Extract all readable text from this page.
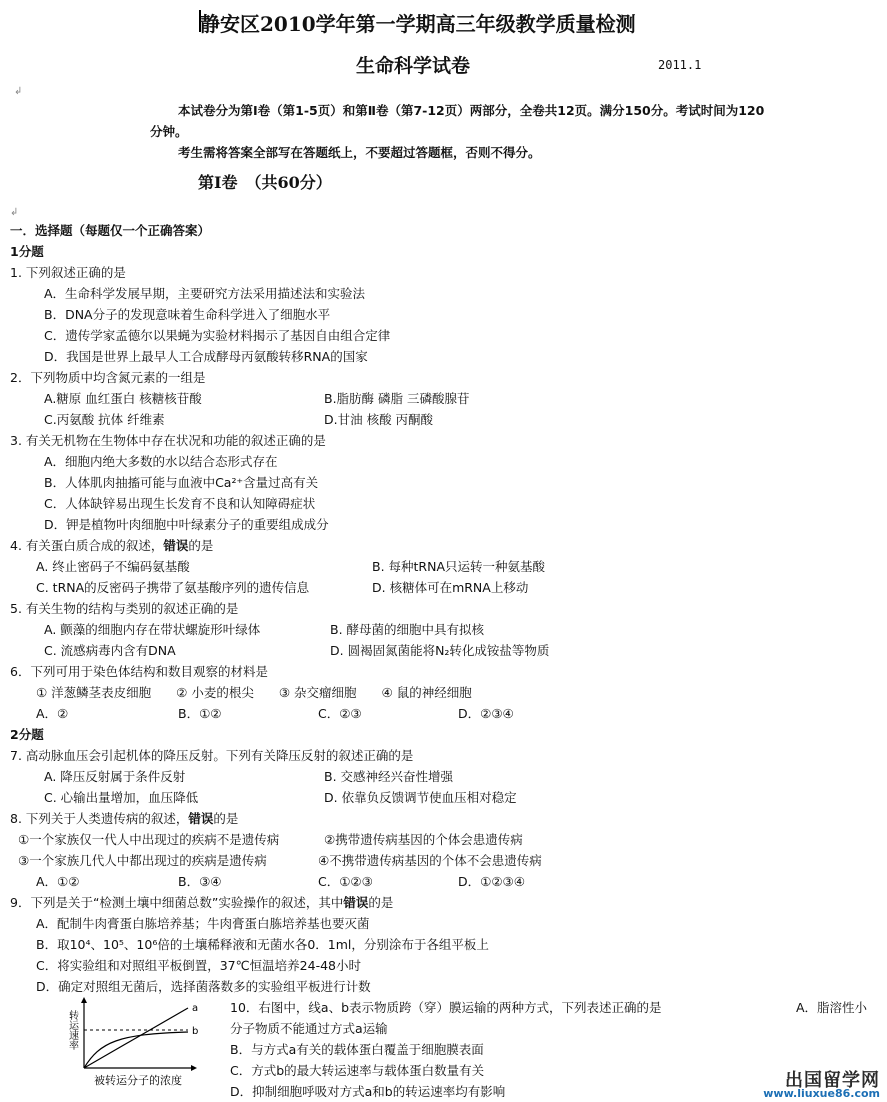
静安区2010学年第一学期高三年级教学质量检测
生命科学试卷	2011.1
↲
本试卷分为第Ⅰ卷（第1-5页）和第Ⅱ卷（第7-12页）两部分，全卷共12页。满分150分。考试时间为120
分钟。
考生需将答案全部写在答题纸上，不要超过答题框，否则不得分。
第Ⅰ卷　（共60分）
↲
一．选择题（每题仅一个正确答案）
1分题
1. 下列叙述正确的是
A．生命科学发展早期，主要研究方法采用描述法和实验法
B．DNA分子的发现意味着生命科学进入了细胞水平
C．遗传学家孟德尔以果蝇为实验材料揭示了基因自由组合定律
D．我国是世界上最早人工合成酵母丙氨酸转移RNA的国家
2．下列物质中均含氮元素的一组是
A.糖原 血红蛋白 核糖核苷酸	B.脂肪酶 磷脂 三磷酸腺苷
C.丙氨酸 抗体 纤维素	D.甘油 核酸 丙酮酸
3. 有关无机物在生物体中存在状况和功能的叙述正确的是
A．细胞内绝大多数的水以结合态形式存在
B．人体肌肉抽搐可能与血液中Ca²⁺含量过高有关
C．人体缺锌易出现生长发育不良和认知障碍症状
D．钾是植物叶肉细胞中叶绿素分子的重要组成成分
4. 有关蛋白质合成的叙述，错误的是
A. 终止密码子不编码氨基酸	B. 每种tRNA只运转一种氨基酸
C. tRNA的反密码子携带了氨基酸序列的遗传信息	D. 核糖体可在mRNA上移动
5. 有关生物的结构与类别的叙述正确的是
A. 颤藻的细胞内存在带状螺旋形叶绿体	B. 酵母菌的细胞中具有拟核
C. 流感病毒内含有DNA	D. 圆褐固氮菌能将N₂转化成铵盐等物质
6．下列可用于染色体结构和数目观察的材料是
① 洋葱鳞茎表皮细胞　　② 小麦的根尖　　③ 杂交瘤细胞　　④ 鼠的神经细胞
A．②	B．①②	C．②③	D．②③④
2分题
7. 高动脉血压会引起机体的降压反射。下列有关降压反射的叙述正确的是
A. 降压反射属于条件反射	B. 交感神经兴奋性增强
C. 心输出量增加，血压降低	D. 依靠负反馈调节使血压相对稳定
8. 下列关于人类遗传病的叙述，错误的是
①一个家族仅一代人中出现过的疾病不是遗传病	②携带遗传病基因的个体会患遗传病
③一个家族几代人中都出现过的疾病是遗传病	④不携带遗传病基因的个体不会患遗传病
A．①②	B．③④	C．①②③	D．①②③④
9．下列是关于“检测土壤中细菌总数”实验操作的叙述，其中错误的是
A．配制牛肉膏蛋白胨培养基；牛肉膏蛋白胨培养基也要灭菌
B．取10⁴、10⁵、10⁶倍的土壤稀释液和无菌水各0．1ml，分别涂布于各组平板上
C．将实验组和对照组平板倒置，37℃恒温培养24-48小时
D．确定对照组无菌后，选择菌落数多的实验组平板进行计数
10．右图中，线a、b表示物质跨（穿）膜运输的两种方式，下列表述正确的是	A．脂溶性小
分子物质不能通过方式a运输
B．与方式a有关的载体蛋白覆盖于细胞膜表面
C．方式b的最大转运速率与载体蛋白数量有关
D．抑制细胞呼吸对方式a和b的转运速率均有影响
a
b
转运速率
被转运分子的浓度	出国留学网
www.liuxue86.com
